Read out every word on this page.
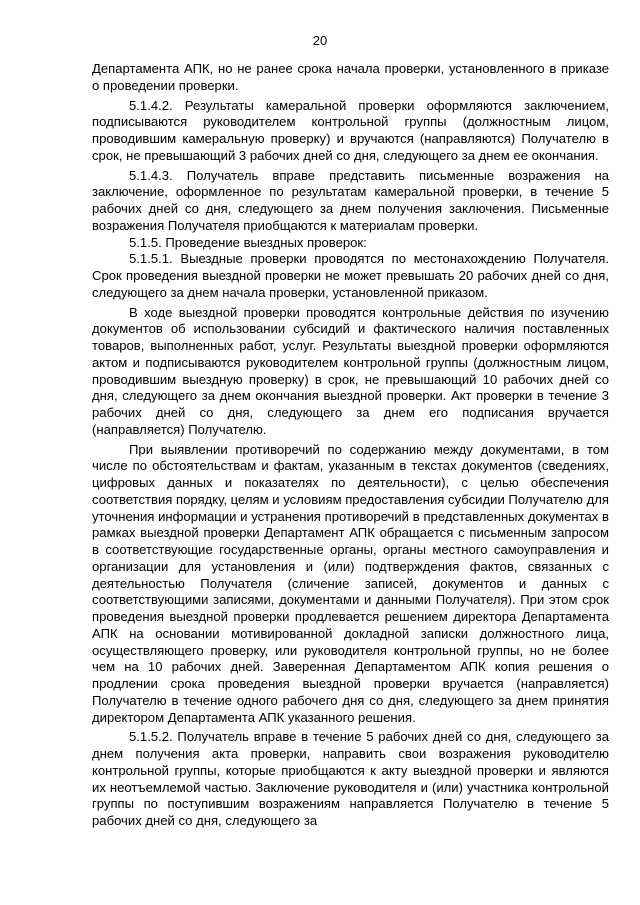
20

Департамента АПК, но не ранее срока начала проверки, установленного в приказе о проведении проверки.

5.1.4.2. Результаты камеральной проверки оформляются заключением, подписываются руководителем контрольной группы (должностным лицом, проводившим камеральную проверку) и вручаются (направляются) Получателю в срок, не превышающий 3 рабочих дней со дня, следующего за днем ее окончания.

5.1.4.3. Получатель вправе представить письменные возражения на заключение, оформленное по результатам камеральной проверки, в течение 5 рабочих дней со дня, следующего за днем получения заключения. Письменные возражения Получателя приобщаются к материалам проверки.

5.1.5. Проведение выездных проверок:

5.1.5.1. Выездные проверки проводятся по местонахождению Получателя. Срок проведения выездной проверки не может превышать 20 рабочих дней со дня, следующего за днем начала проверки, установленной приказом.

В ходе выездной проверки проводятся контрольные действия по изучению документов об использовании субсидий и фактического наличия поставленных товаров, выполненных работ, услуг. Результаты выездной проверки оформляются актом и подписываются руководителем контрольной группы (должностным лицом, проводившим выездную проверку) в срок, не превышающий 10 рабочих дней со дня, следующего за днем окончания выездной проверки. Акт проверки в течение 3 рабочих дней со дня, следующего за днем его подписания вручается (направляется) Получателю.

При выявлении противоречий по содержанию между документами, в том числе по обстоятельствам и фактам, указанным в текстах документов (сведениях, цифровых данных и показателях по деятельности), с целью обеспечения соответствия порядку, целям и условиям предоставления субсидии Получателю для уточнения информации и устранения противоречий в представленных документах в рамках выездной проверки Департамент АПК обращается с письменным запросом в соответствующие государственные органы, органы местного самоуправления и организации для установления и (или) подтверждения фактов, связанных с деятельностью Получателя (сличение записей, документов и данных с соответствующими записями, документами и данными Получателя). При этом срок проведения выездной проверки продлевается решением директора Департамента АПК на основании мотивированной докладной записки должностного лица, осуществляющего проверку, или руководителя контрольной группы, но не более чем на 10 рабочих дней. Заверенная Департаментом АПК копия решения о продлении срока проведения выездной проверки вручается (направляется) Получателю в течение одного рабочего дня со дня, следующего за днем принятия директором Департамента АПК указанного решения.

5.1.5.2. Получатель вправе в течение 5 рабочих дней со дня, следующего за днем получения акта проверки, направить свои возражения руководителю контрольной группы, которые приобщаются к акту выездной проверки и являются их неотъемлемой частью. Заключение руководителя и (или) участника контрольной группы по поступившим возражениям направляется Получателю в течение 5 рабочих дней со дня, следующего за
